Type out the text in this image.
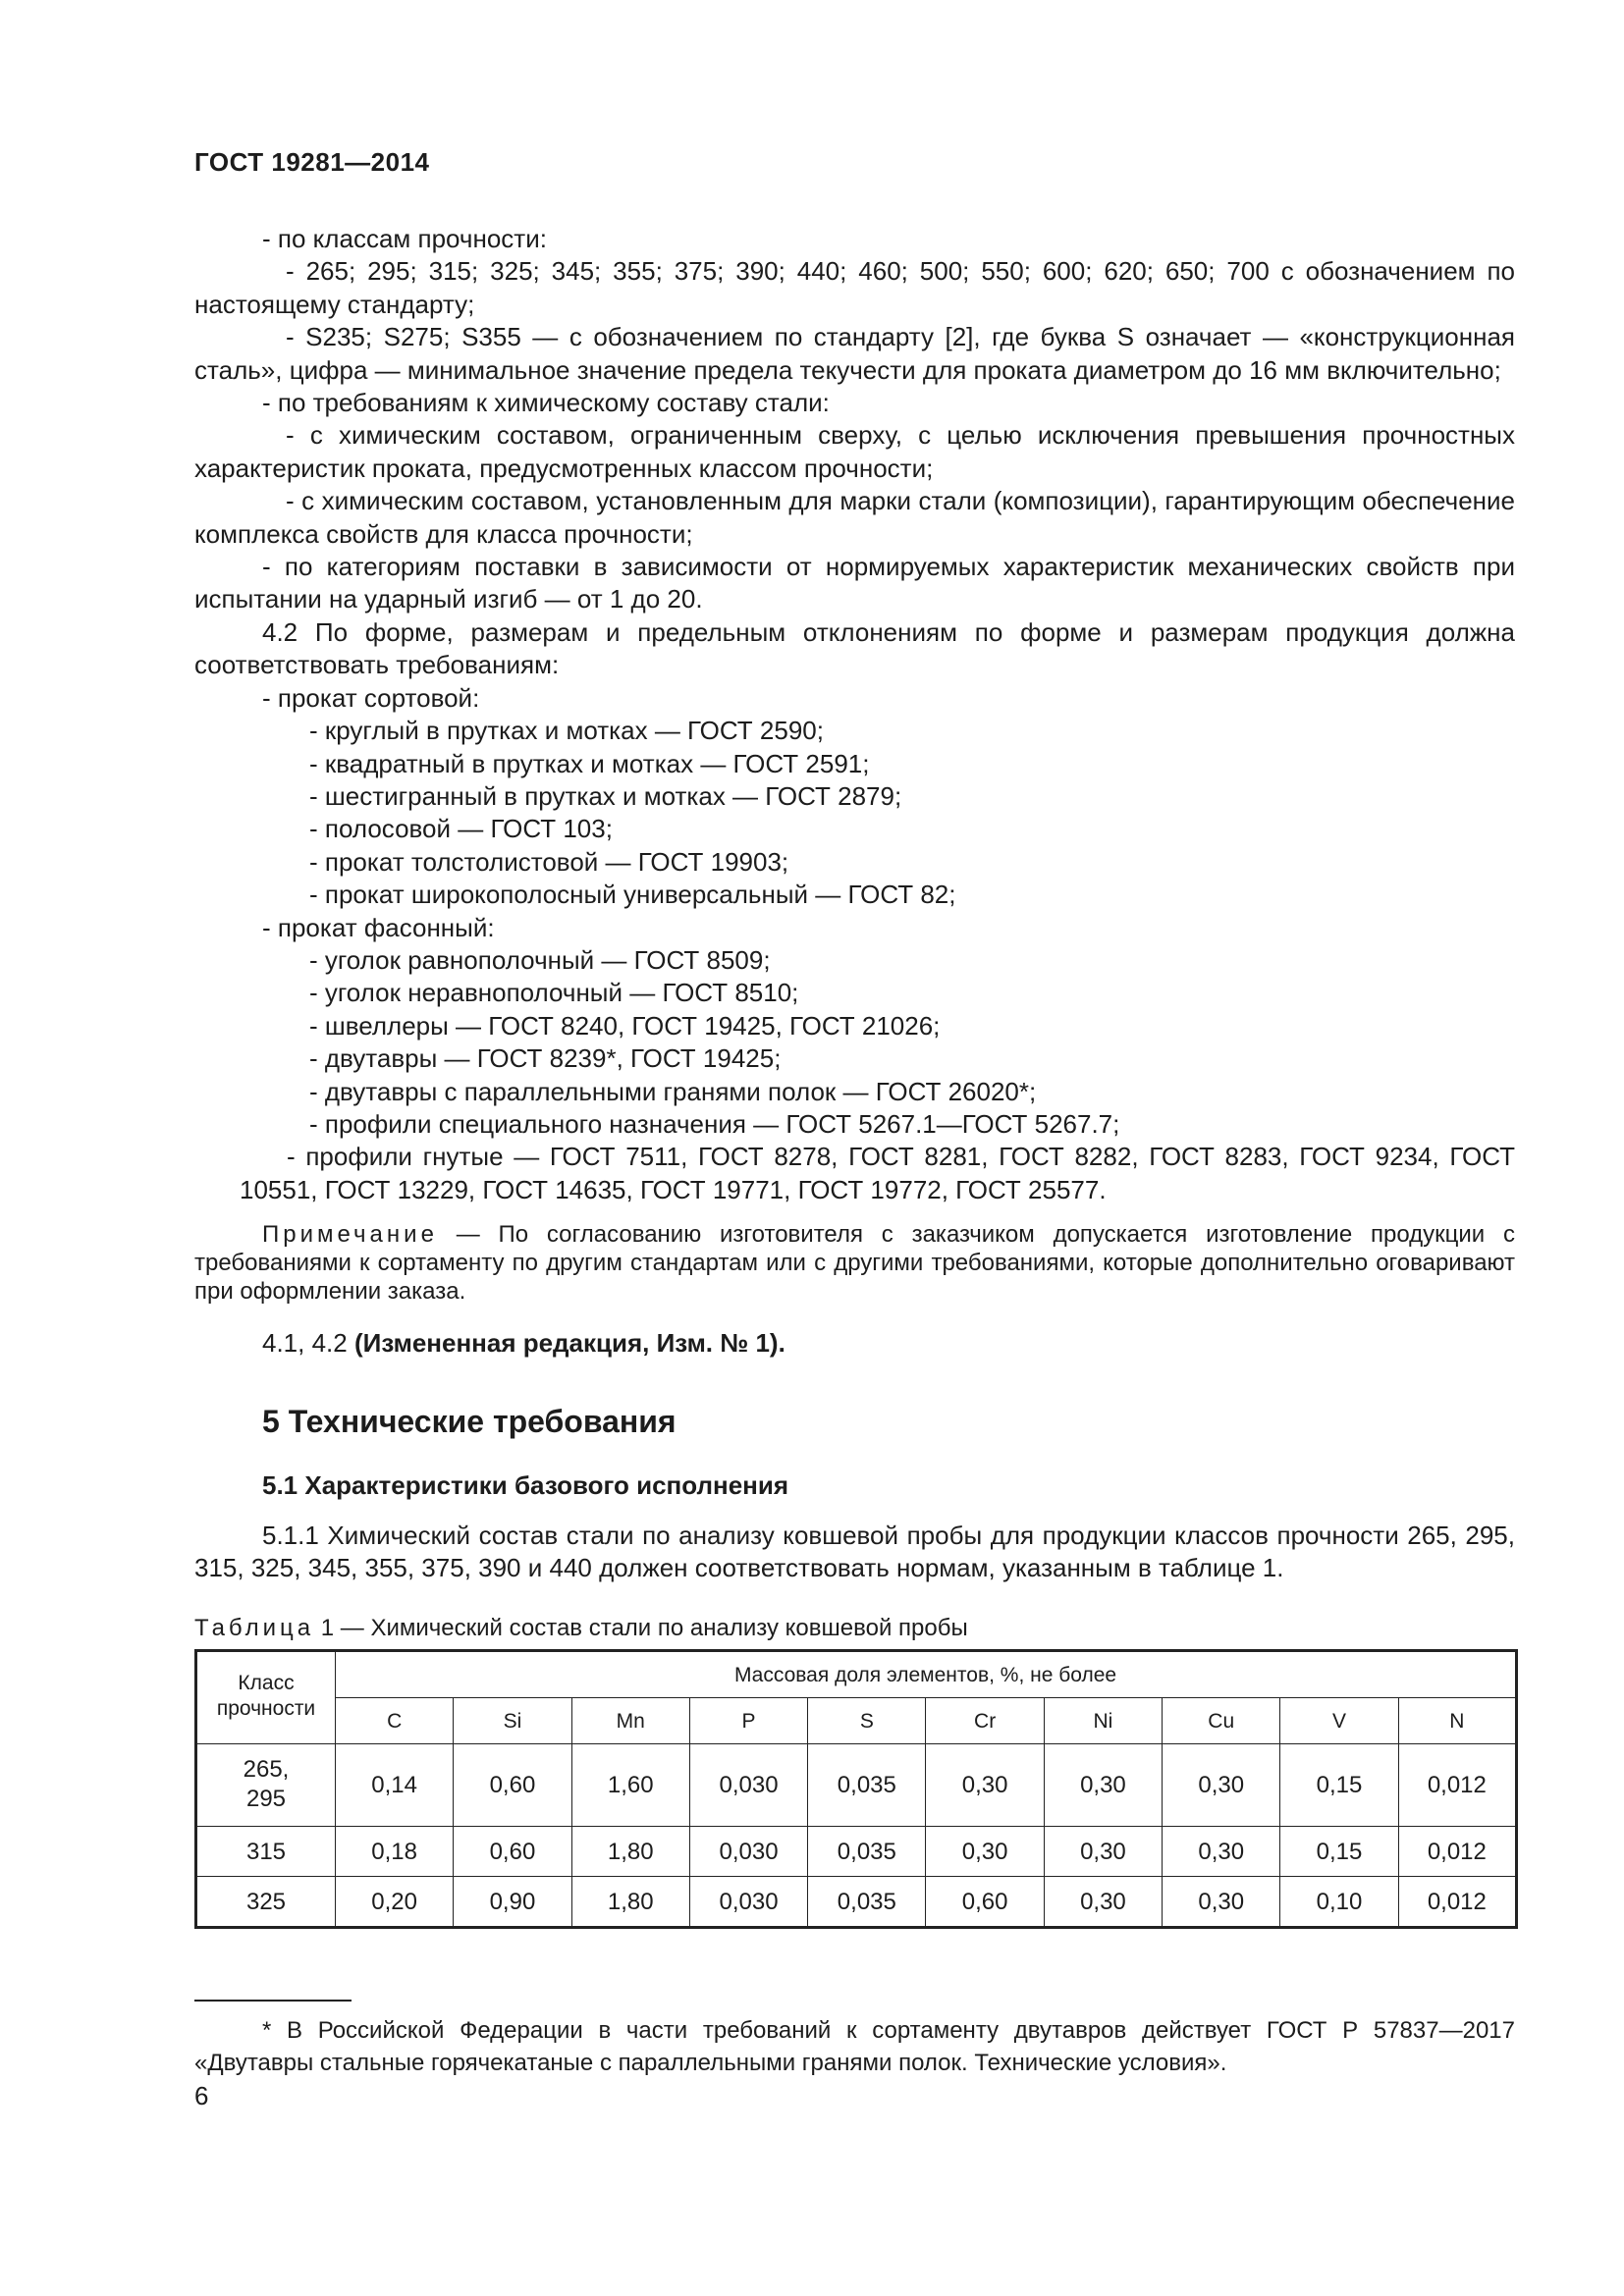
ГОСТ 19281—2014

- по классам прочности:

- 265; 295; 315; 325; 345; 355; 375; 390; 440; 460; 500; 550; 600; 620; 650; 700 с обозначением по настоящему стандарту;

- S235; S275; S355 — с обозначением по стандарту [2], где буква S означает — «конструкционная сталь», цифра — минимальное значение предела текучести для проката диаметром до 16 мм включительно;

- по требованиям к химическому составу стали:

- с химическим составом, ограниченным сверху, с целью исключения превышения прочностных характеристик проката, предусмотренных классом прочности;

- с химическим составом, установленным для марки стали (композиции), гарантирующим обеспечение комплекса свойств для класса прочности;

- по категориям поставки в зависимости от нормируемых характеристик механических свойств при испытании на ударный изгиб — от 1 до 20.

4.2 По форме, размерам и предельным отклонениям по форме и размерам продукция должна соответствовать требованиям:

- прокат сортовой:

- круглый в прутках и мотках — ГОСТ 2590;

- квадратный в прутках и мотках — ГОСТ 2591;

- шестигранный в прутках и мотках — ГОСТ 2879;

- полосовой — ГОСТ 103;

- прокат толстолистовой — ГОСТ 19903;

- прокат широкополосный универсальный — ГОСТ 82;

- прокат фасонный:

- уголок равнополочный — ГОСТ 8509;

- уголок неравнополочный — ГОСТ 8510;

- швеллеры — ГОСТ 8240, ГОСТ 19425, ГОСТ 21026;

- двутавры — ГОСТ 8239*, ГОСТ 19425;

- двутавры с параллельными гранями полок — ГОСТ 26020*;

- профили специального назначения — ГОСТ 5267.1—ГОСТ 5267.7;

- профили гнутые — ГОСТ 7511, ГОСТ 8278, ГОСТ 8281, ГОСТ 8282, ГОСТ 8283, ГОСТ 9234, ГОСТ 10551, ГОСТ 13229, ГОСТ 14635, ГОСТ 19771, ГОСТ 19772, ГОСТ 25577.

Примечание — По согласованию изготовителя с заказчиком допускается изготовление продукции с требованиями к сортаменту по другим стандартам или с другими требованиями, которые дополнительно оговаривают при оформлении заказа.

4.1, 4.2 (Измененная редакция, Изм. № 1).

5 Технические требования
5.1 Характеристики базового исполнения

5.1.1 Химический состав стали по анализу ковшевой пробы для продукции классов прочности 265, 295, 315, 325, 345, 355, 375, 390 и 440 должен соответствовать нормам, указанным в таблице 1.

Таблица 1 — Химический состав стали по анализу ковшевой пробы

Класс прочности	Массовая доля элементов, %, не более									
	C	Si	Mn	P	S	Cr	Ni	Cu	V	N
265, 295	0,14	0,60	1,60	0,030	0,035	0,30	0,30	0,30	0,15	0,012
315	0,18	0,60	1,80	0,030	0,035	0,30	0,30	0,30	0,15	0,012
325	0,20	0,90	1,80	0,030	0,035	0,60	0,30	0,30	0,10	0,012

* В Российской Федерации в части требований к сортаменту двутавров действует ГОСТ Р 57837—2017 «Двутавры стальные горячекатаные с параллельными гранями полок. Технические условия».

6
